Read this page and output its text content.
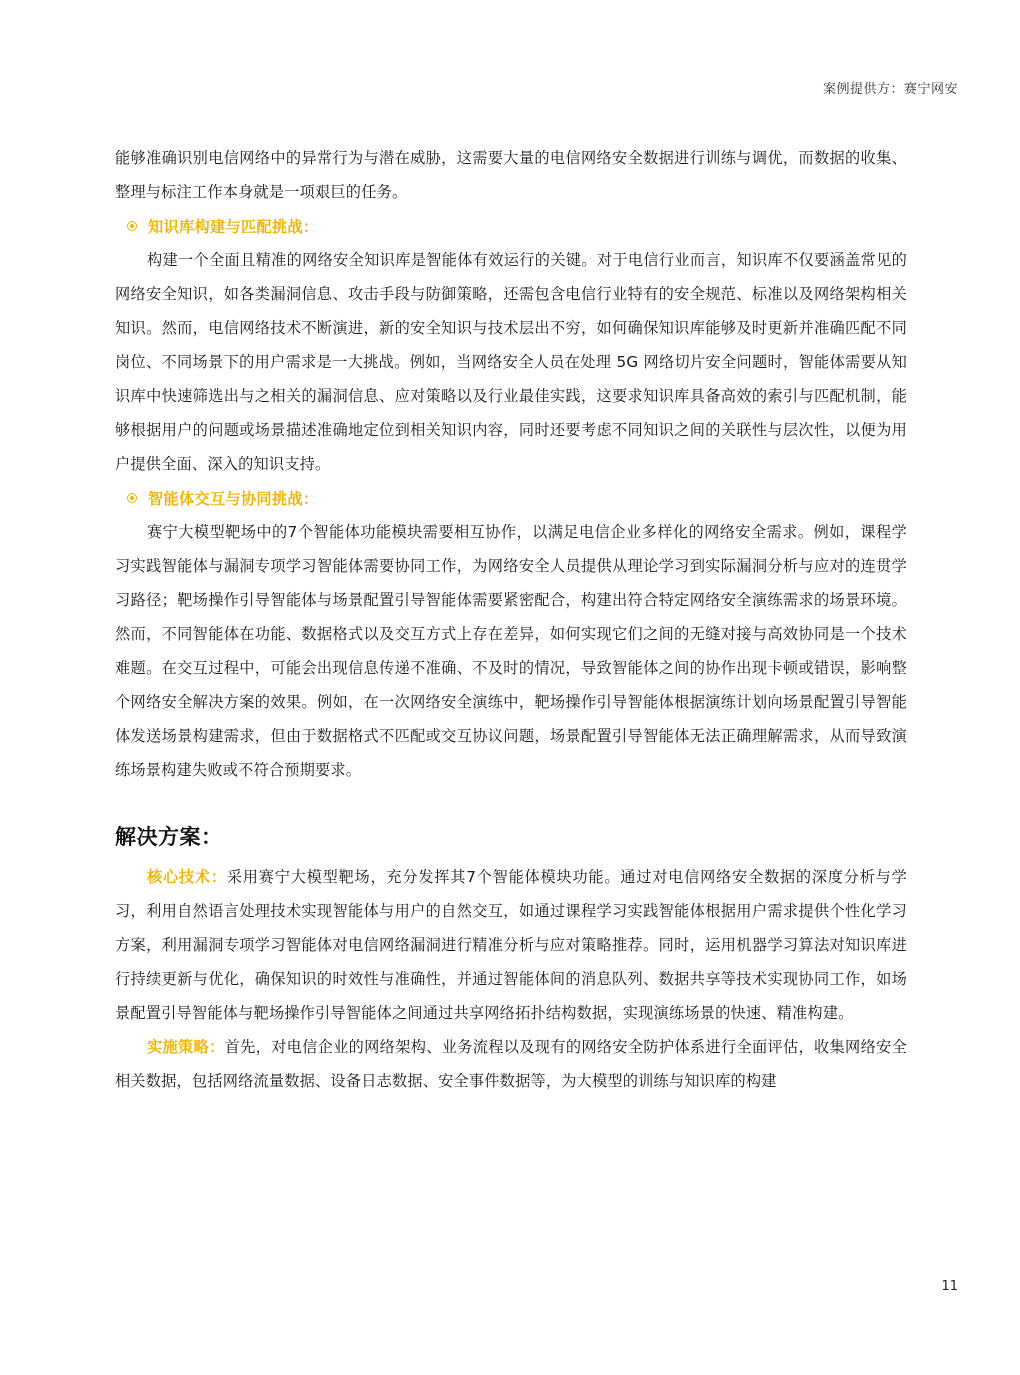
案例提供方：赛宁网安

能够准确识别电信网络中的异常行为与潜在威胁，这需要大量的电信网络安全数据进行训练与调优，而数据的收集、整理与标注工作本身就是一项艰巨的任务。

知识库构建与匹配挑战：

构建一个全面且精准的网络安全知识库是智能体有效运行的关键。对于电信行业而言，知识库不仅要涵盖常见的网络安全知识，如各类漏洞信息、攻击手段与防御策略，还需包含电信行业特有的安全规范、标准以及网络架构相关知识。然而，电信网络技术不断演进，新的安全知识与技术层出不穷，如何确保知识库能够及时更新并准确匹配不同岗位、不同场景下的用户需求是一大挑战。例如，当网络安全人员在处理 5G 网络切片安全问题时，智能体需要从知识库中快速筛选出与之相关的漏洞信息、应对策略以及行业最佳实践，这要求知识库具备高效的索引与匹配机制，能够根据用户的问题或场景描述准确地定位到相关知识内容，同时还要考虑不同知识之间的关联性与层次性，以便为用户提供全面、深入的知识支持。

智能体交互与协同挑战：

赛宁大模型靶场中的7个智能体功能模块需要相互协作，以满足电信企业多样化的网络安全需求。例如，课程学习实践智能体与漏洞专项学习智能体需要协同工作，为网络安全人员提供从理论学习到实际漏洞分析与应对的连贯学习路径；靶场操作引导智能体与场景配置引导智能体需要紧密配合，构建出符合特定网络安全演练需求的场景环境。然而，不同智能体在功能、数据格式以及交互方式上存在差异，如何实现它们之间的无缝对接与高效协同是一个技术难题。在交互过程中，可能会出现信息传递不准确、不及时的情况，导致智能体之间的协作出现卡顿或错误，影响整个网络安全解决方案的效果。例如，在一次网络安全演练中，靶场操作引导智能体根据演练计划向场景配置引导智能体发送场景构建需求，但由于数据格式不匹配或交互协议问题，场景配置引导智能体无法正确理解需求，从而导致演练场景构建失败或不符合预期要求。

解决方案：

核心技术：采用赛宁大模型靶场，充分发挥其7个智能体模块功能。通过对电信网络安全数据的深度分析与学习，利用自然语言处理技术实现智能体与用户的自然交互，如通过课程学习实践智能体根据用户需求提供个性化学习方案，利用漏洞专项学习智能体对电信网络漏洞进行精准分析与应对策略推荐。同时，运用机器学习算法对知识库进行持续更新与优化，确保知识的时效性与准确性，并通过智能体间的消息队列、数据共享等技术实现协同工作，如场景配置引导智能体与靶场操作引导智能体之间通过共享网络拓扑结构数据，实现演练场景的快速、精准构建。

实施策略：首先，对电信企业的网络架构、业务流程以及现有的网络安全防护体系进行全面评估，收集网络安全相关数据，包括网络流量数据、设备日志数据、安全事件数据等，为大模型的训练与知识库的构建

11
